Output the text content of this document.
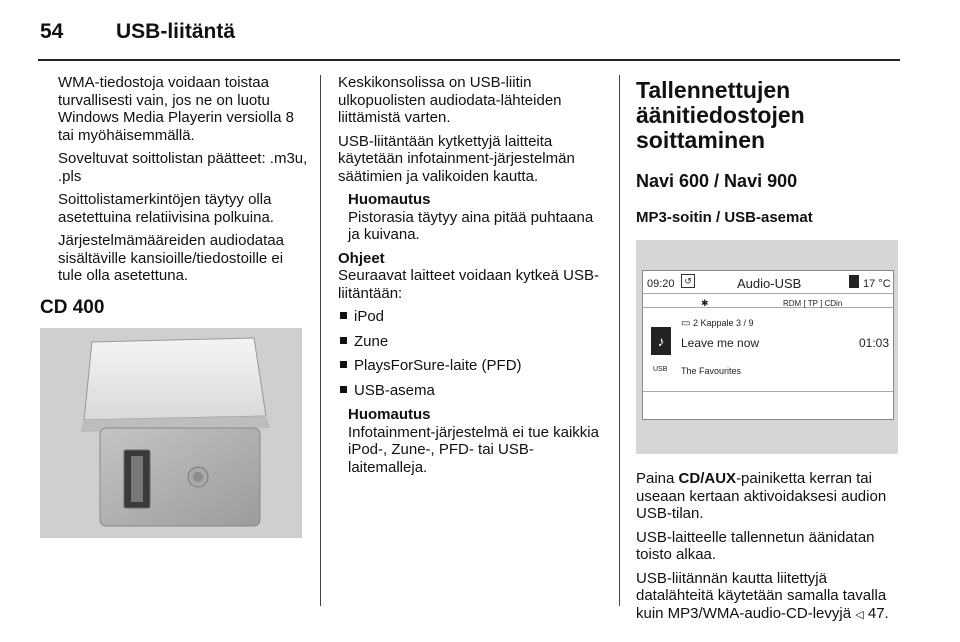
54	USB-liitäntä

WMA-tiedostoja voidaan toistaa turvallisesti vain, jos ne on luotu Windows Media Playerin versiolla 8 tai myöhäisemmällä.

Soveltuvat soittolistan päätteet: .m3u, .pls

Soittolistamerkintöjen täytyy olla asetettuina relatiivisina polkuina.

Järjestelmämääreiden audiodataa sisältäville kansioille/tiedostoille ei tule olla asetettuna.

CD 400

Keskikonsolissa on USB-liitin ulkopuolisten audiodata-lähteiden liittämistä varten.

USB-liitäntään kytkettyjä laitteita käytetään infotainment-järjestelmän säätimien ja valikoiden kautta.

Huomautus

Pistorasia täytyy aina pitää puhtaana ja kuivana.

Ohjeet

Seuraavat laitteet voidaan kytkeä USB-liitäntään:

iPod
Zune
PlaysForSure-laite (PFD)
USB-asema
Huomautus

Infotainment-järjestelmä ei tue kaikkia iPod-, Zune-, PFD- tai USB-laitemalleja.

Tallennettujen äänitiedostojen soittaminen
Navi 600 / Navi 900
MP3-soitin / USB-asemat
09:20	↺	Audio-USB	17 °C
✱	RDM [ TP ] CDin
▭ 2 Kappale 3 / 9
♪	Leave me now	01:03
USB The Favourites

Paina CD/AUX-painiketta kerran tai useaan kertaan aktivoidaksesi audion USB-tilan.

USB-laitteelle tallennetun äänidatan toisto alkaa.

USB-liitännän kautta liitettyjä datalähteitä käytetään samalla tavalla kuin MP3/WMA-audio-CD-levyjä ◁ 47.
